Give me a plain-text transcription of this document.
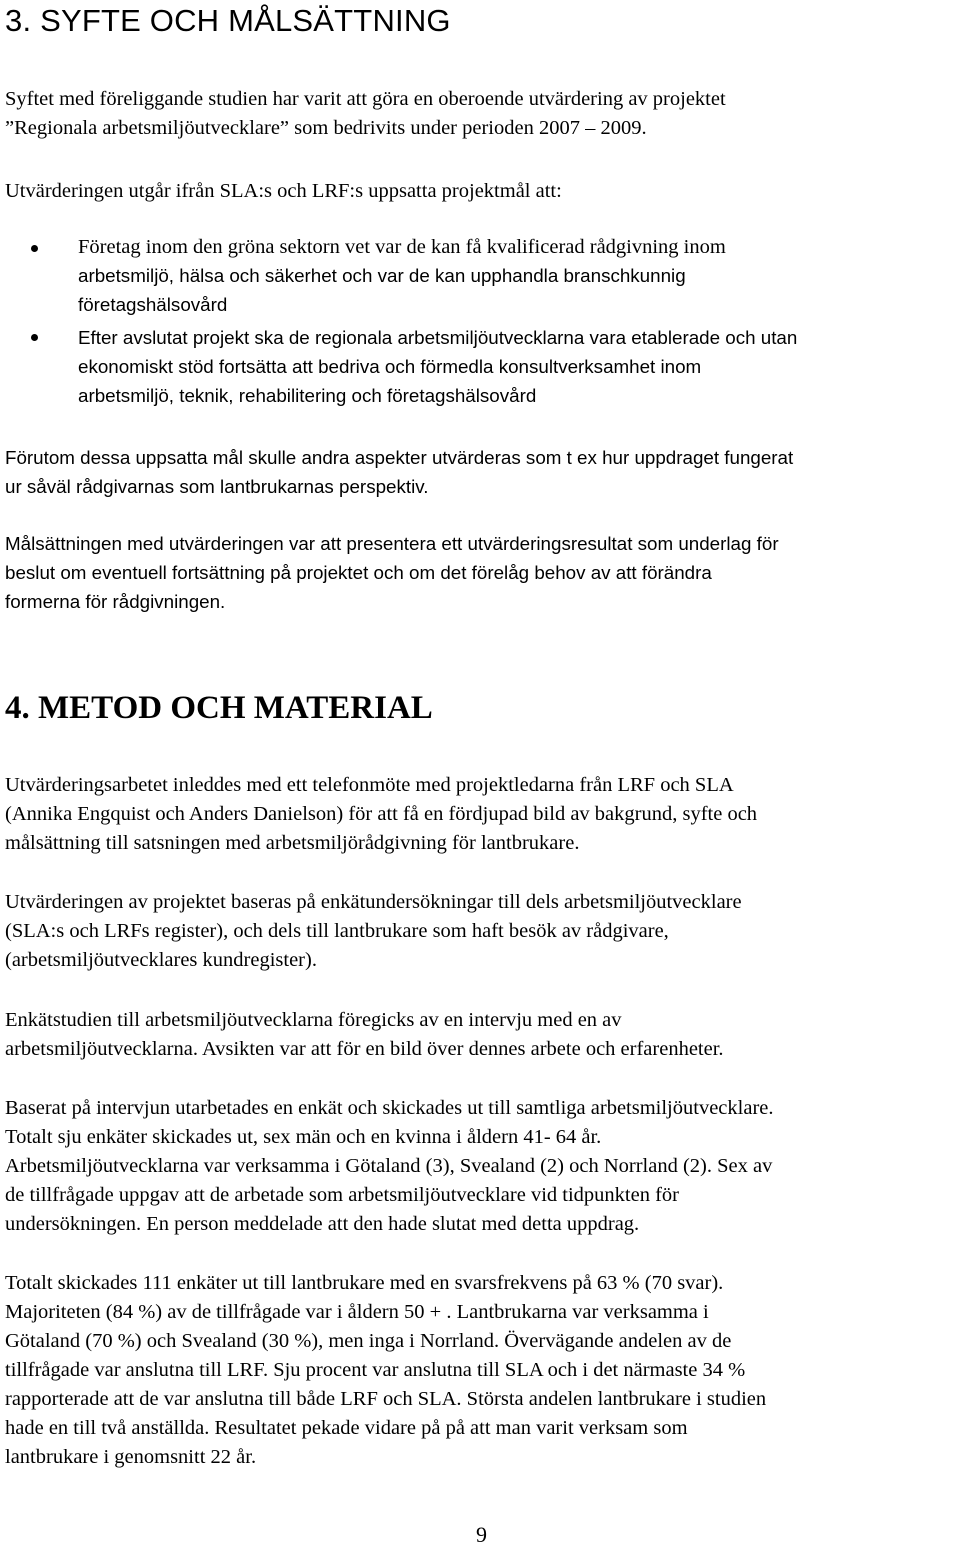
3. SYFTE OCH MÅLSÄTTNING
Syftet med föreliggande studien har varit att göra en oberoende utvärdering av projektet
”Regionala arbetsmiljöutvecklare” som bedrivits under perioden 2007 – 2009.
Utvärderingen utgår ifrån SLA:s och LRF:s uppsatta projektmål att:
Företag inom den gröna sektorn vet var de kan få kvalificerad rådgivning inom
arbetsmiljö, hälsa och säkerhet och var de kan upphandla branschkunnig
företagshälsovård
Efter avslutat projekt ska de regionala arbetsmiljöutvecklarna vara etablerade och utan
ekonomiskt stöd fortsätta att bedriva och förmedla konsultverksamhet inom
arbetsmiljö, teknik, rehabilitering och företagshälsovård
Förutom dessa uppsatta mål skulle andra aspekter utvärderas som t ex hur uppdraget fungerat
ur såväl rådgivarnas som lantbrukarnas perspektiv.
Målsättningen med utvärderingen var att presentera ett utvärderingsresultat som underlag för
beslut om eventuell fortsättning på projektet och om det förelåg behov av att förändra
formerna för rådgivningen.
4. METOD OCH MATERIAL
Utvärderingsarbetet inleddes med ett telefonmöte med projektledarna från LRF och SLA
(Annika Engquist och Anders Danielson) för att få en fördjupad bild av bakgrund, syfte och
målsättning till satsningen med arbetsmiljörådgivning för lantbrukare.
Utvärderingen av projektet baseras på enkätundersökningar till dels arbetsmiljöutvecklare
(SLA:s och LRFs register), och dels till lantbrukare som haft besök av rådgivare,
(arbetsmiljöutvecklares kundregister).
Enkätstudien till arbetsmiljöutvecklarna föregicks av en intervju med en av
arbetsmiljöutvecklarna. Avsikten var att för en bild över dennes arbete och erfarenheter.
Baserat på intervjun utarbetades en enkät och skickades ut till samtliga arbetsmiljöutvecklare.
Totalt sju enkäter skickades ut, sex män och en kvinna i åldern 41- 64 år.
Arbetsmiljöutvecklarna var verksamma i Götaland (3), Svealand (2) och Norrland (2). Sex av
de tillfrågade uppgav att de arbetade som arbetsmiljöutvecklare vid tidpunkten för
undersökningen. En person meddelade att den hade slutat med detta uppdrag.
Totalt skickades 111 enkäter ut till lantbrukare med en svarsfrekvens på 63 % (70 svar).
Majoriteten (84 %) av de tillfrågade var i åldern 50 + . Lantbrukarna var verksamma i
Götaland (70 %) och Svealand (30 %), men inga i Norrland. Övervägande andelen av de
tillfrågade var anslutna till LRF. Sju procent var anslutna till SLA och i det närmaste 34 %
rapporterade att de var anslutna till både LRF och SLA. Största andelen lantbrukare i studien
hade en till två anställda. Resultatet pekade vidare på på att man varit verksam som
lantbrukare i genomsnitt 22 år.
9
